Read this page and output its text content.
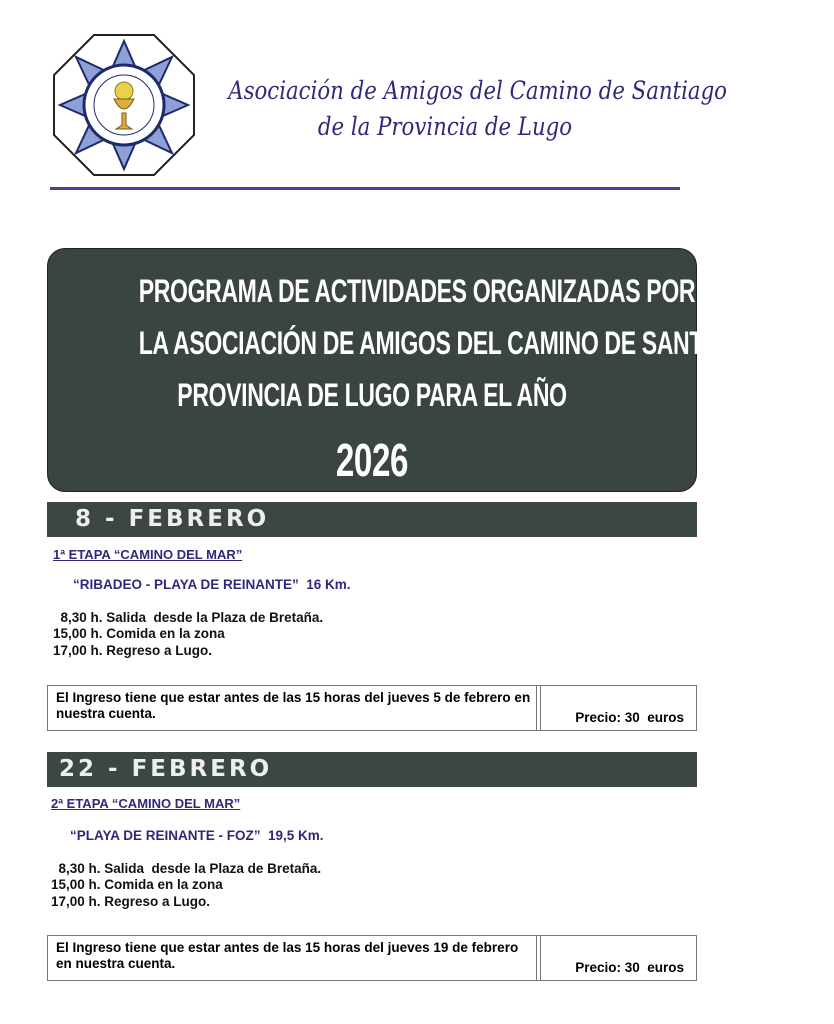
Asociación de Amigos del Camino de Santiago
de la Provincia de Lugo
PROGRAMA DE ACTIVIDADES ORGANIZADAS POR
LA ASOCIACIÓN DE AMIGOS DEL CAMINO DE SANTIAGO DE LA
PROVINCIA DE LUGO PARA EL AÑO
2026
8 - FEBRERO
1ª ETAPA “CAMINO DEL MAR”
“RIBADEO - PLAYA DE REINANTE”  16 Km.
8,30 h. Salida  desde la Plaza de Bretaña.
15,00 h. Comida en la zona
17,00 h. Regreso a Lugo.
El Ingreso tiene que estar antes de las 15 horas del jueves 5 de febrero en nuestra cuenta.	Precio: 30  euros
22 - FEBRERO
2ª ETAPA “CAMINO DEL MAR”
“PLAYA DE REINANTE - FOZ”  19,5 Km.
8,30 h. Salida  desde la Plaza de Bretaña.
15,00 h. Comida en la zona
17,00 h. Regreso a Lugo.
El Ingreso tiene que estar antes de las 15 horas del jueves 19 de febrero en nuestra cuenta.	Precio: 30  euros
